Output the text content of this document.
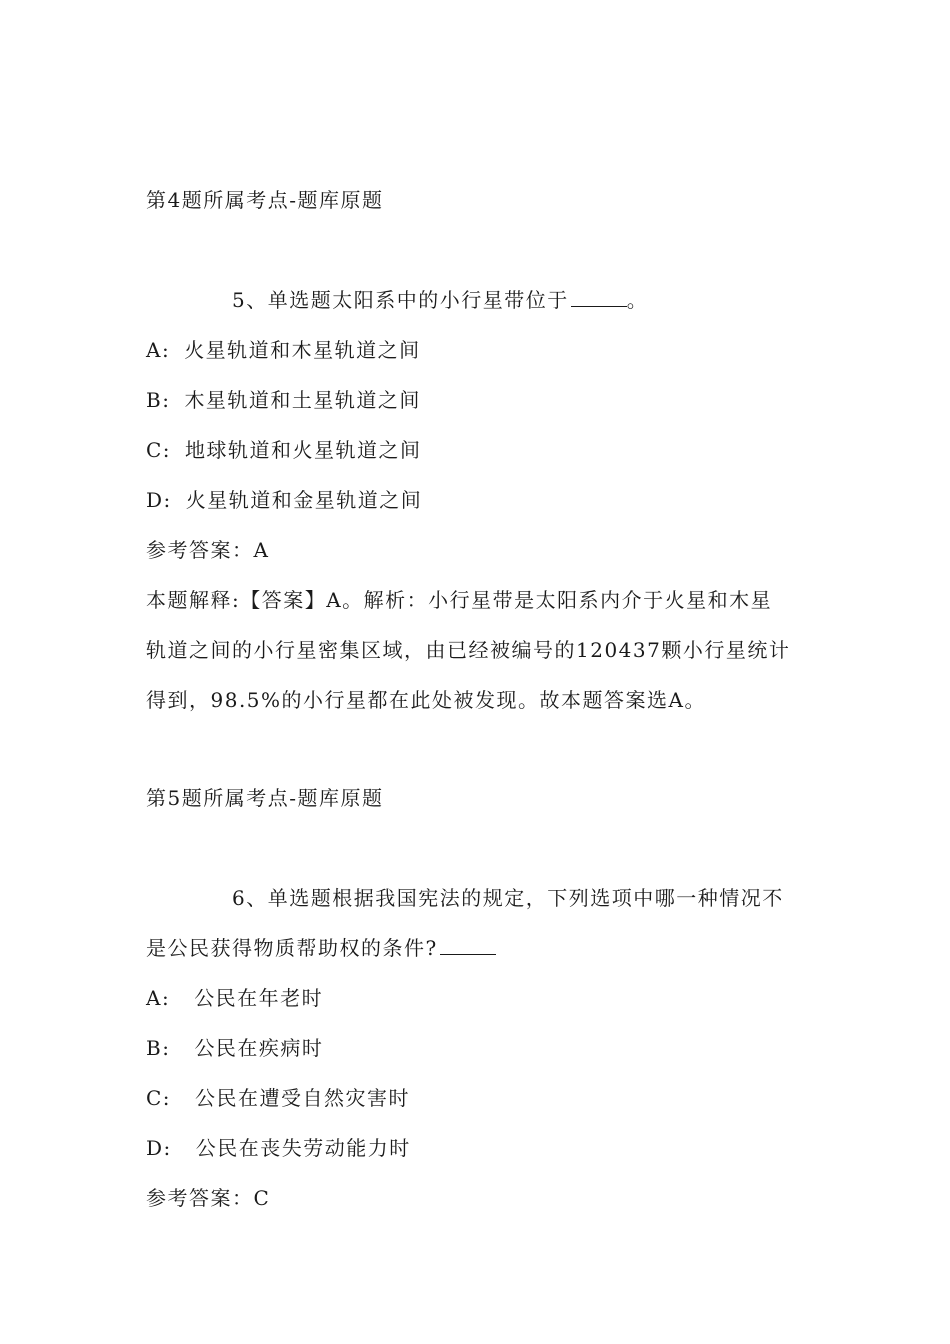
第4题所属考点-题库原题
5、单选题太阳系中的小行星带位于	。
A: 火星轨道和木星轨道之间
B: 木星轨道和土星轨道之间
C: 地球轨道和火星轨道之间
D: 火星轨道和金星轨道之间
参考答案：A
本题解释:【答案】A。解析：小行星带是太阳系内介于火星和木星
轨道之间的小行星密集区域，由已经被编号的120437颗小行星统计
得到，98.5%的小行星都在此处被发现。故本题答案选A。
第5题所属考点-题库原题
6、单选题根据我国宪法的规定，下列选项中哪一种情况不
是公民获得物质帮助权的条件?
A: 公民在年老时
B: 公民在疾病时
C: 公民在遭受自然灾害时
D: 公民在丧失劳动能力时
参考答案：C
